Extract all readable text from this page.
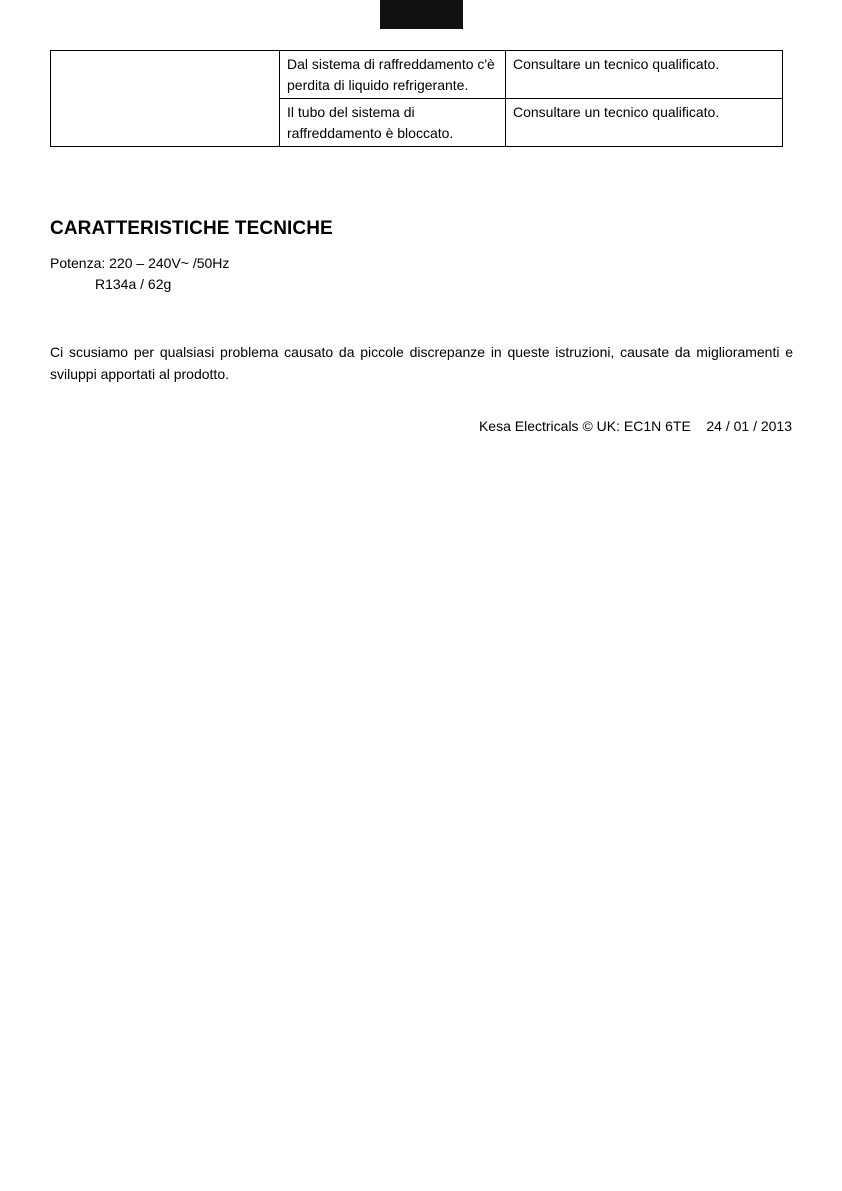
	Dal sistema di raffreddamento c'è perdita di liquido refrigerante.	Consultare un tecnico qualificato.
	Il tubo del sistema di raffreddamento è bloccato.	Consultare un tecnico qualificato.
CARATTERISTICHE TECNICHE
Potenza: 220 – 240V~ /50Hz
R134a / 62g

Ci scusiamo per qualsiasi problema causato da piccole discrepanze in queste istruzioni, causate da miglioramenti e sviluppi apportati al prodotto.

Kesa Electricals © UK: EC1N 6TE 24 / 01 / 2013
